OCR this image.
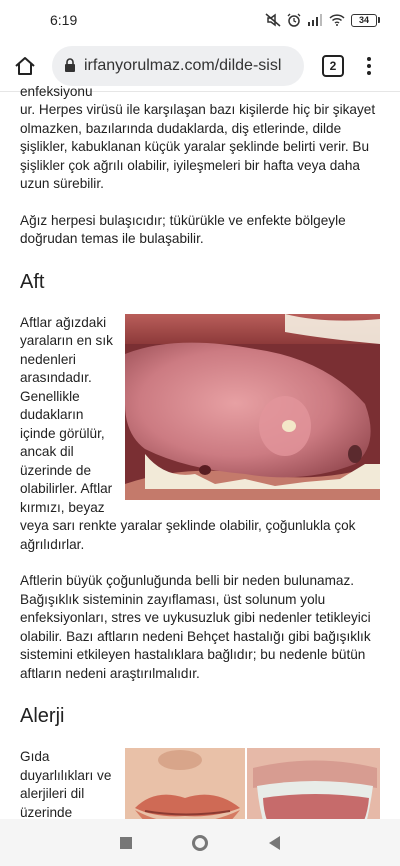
6:19	34
irfanyorulmaz.com/dilde-sisl	2
enfeksiyonu

ur. Herpes virüsü ile karşılaşan bazı kişilerde hiç bir şikayet olmazken, bazılarında dudaklarda, diş etlerinde, dilde şişlikler, kabuklanan küçük yaralar şeklinde belirti verir. Bu şişlikler çok ağrılı olabilir, iyileşmeleri bir hafta veya daha uzun sürebilir.

Ağız herpesi bulaşıcıdır; tükürükle ve enfekte bölgeyle doğrudan temas ile bulaşabilir.

Aft

Aftlar ağızdaki yaraların en sık nedenleri arasındadır. Genellikle dudakların içinde görülür, ancak dil üzerinde de olabilirler. Aftlar kırmızı, beyaz veya sarı renkte yaralar şeklinde olabilir, çoğunlukla çok ağrılıdırlar.

Aftlerin büyük çoğunluğunda belli bir neden bulunamaz. Bağışıklık sisteminin zayıflaması, üst solunum yolu enfeksiyonları, stres ve uykusuzluk gibi nedenler tetikleyici olabilir. Bazı aftların nedeni Behçet hastalığı gibi bağışıklık sistemini etkileyen hastalıklara bağlıdır; bu nedenle bütün aftların nedeni araştırılmalıdır.

Alerji

Gıda duyarlılıkları ve alerjileri dil üzerinde
